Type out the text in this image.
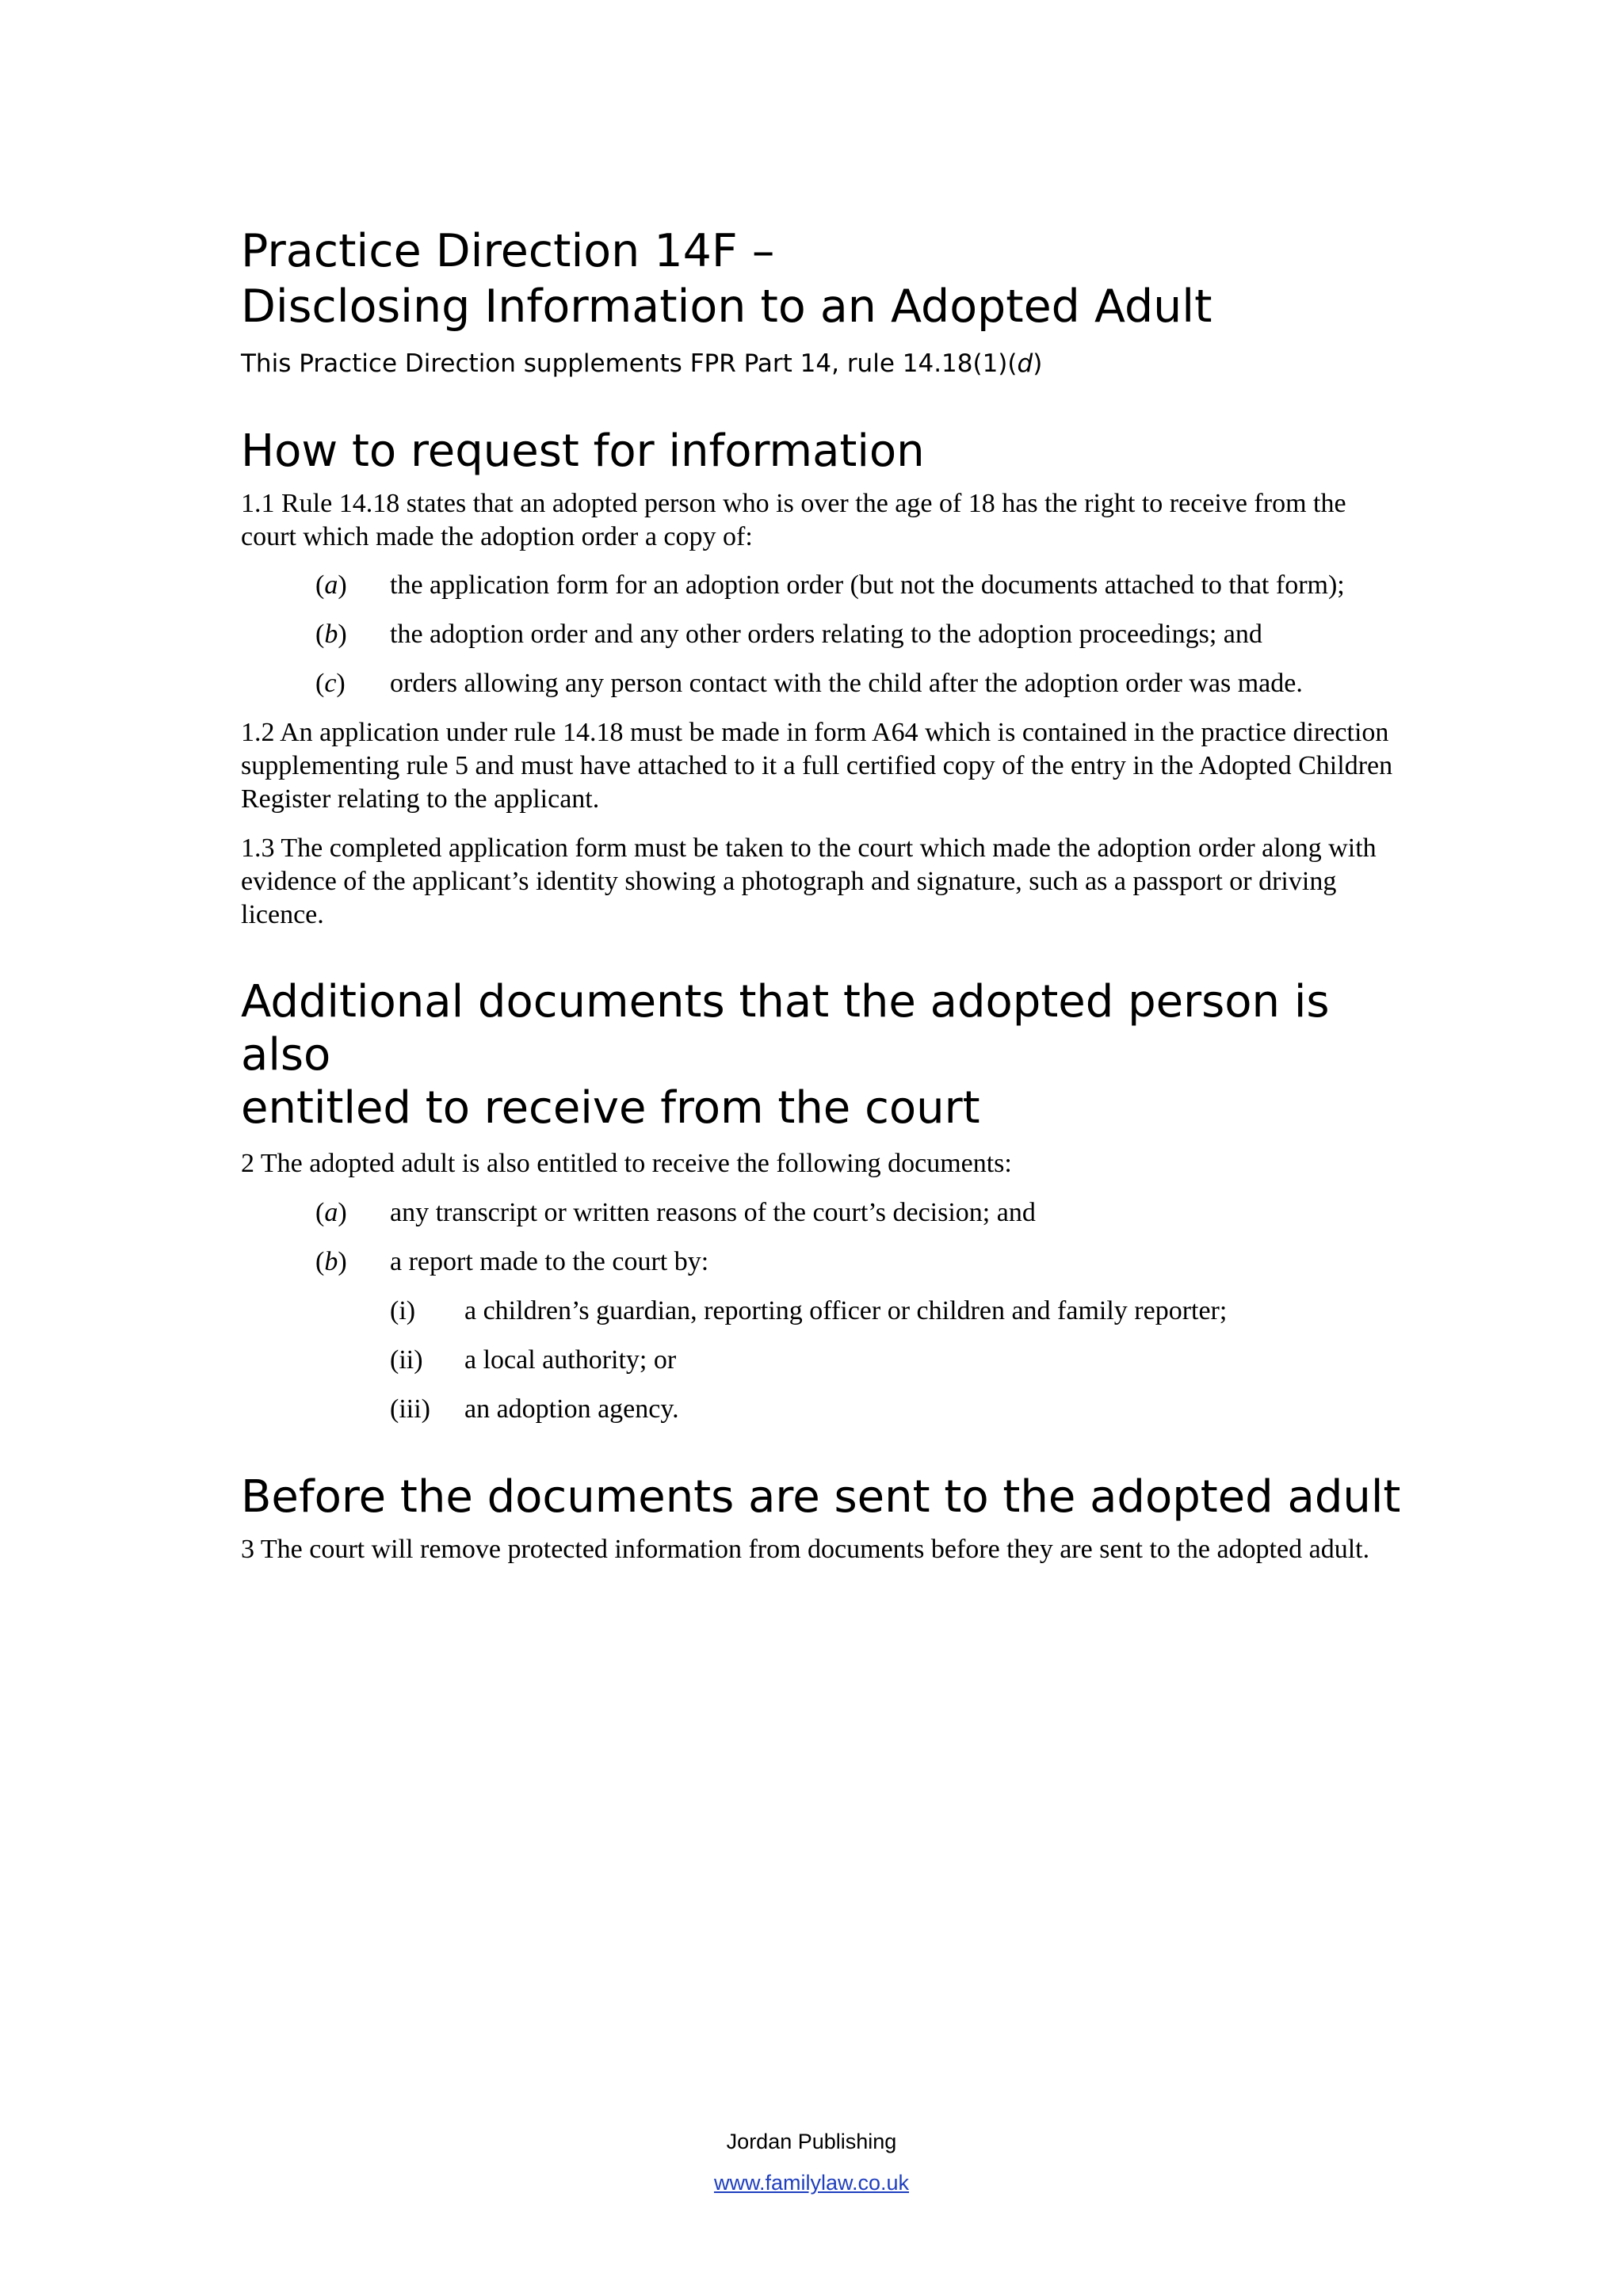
Practice Direction 14F –
Disclosing Information to an Adopted Adult

This Practice Direction supplements FPR Part 14, rule 14.18(1)(d)

How to request for information

1.1 Rule 14.18 states that an adopted person who is over the age of 18 has the right to receive from the court which made the adoption order a copy of:

(a)	the application form for an adoption order (but not the documents attached to that form);
(b)	the adoption order and any other orders relating to the adoption proceedings; and
(c)	orders allowing any person contact with the child after the adoption order was made.

1.2 An application under rule 14.18 must be made in form A64 which is contained in the practice direction supplementing rule 5 and must have attached to it a full certified copy of the entry in the Adopted Children Register relating to the applicant.

1.3 The completed application form must be taken to the court which made the adoption order along with evidence of the applicant’s identity showing a photograph and signature, such as a passport or driving licence.

Additional documents that the adopted person is also
entitled to receive from the court

2 The adopted adult is also entitled to receive the following documents:

(a)	any transcript or written reasons of the court’s decision; and
(b)	a report made to the court by:
(i)	a children’s guardian, reporting officer or children and family reporter;
(ii)	a local authority; or
(iii)	an adoption agency.
Before the documents are sent to the adopted adult

3 The court will remove protected information from documents before they are sent to the adopted adult.

Jordan Publishing
www.familylaw.co.uk
